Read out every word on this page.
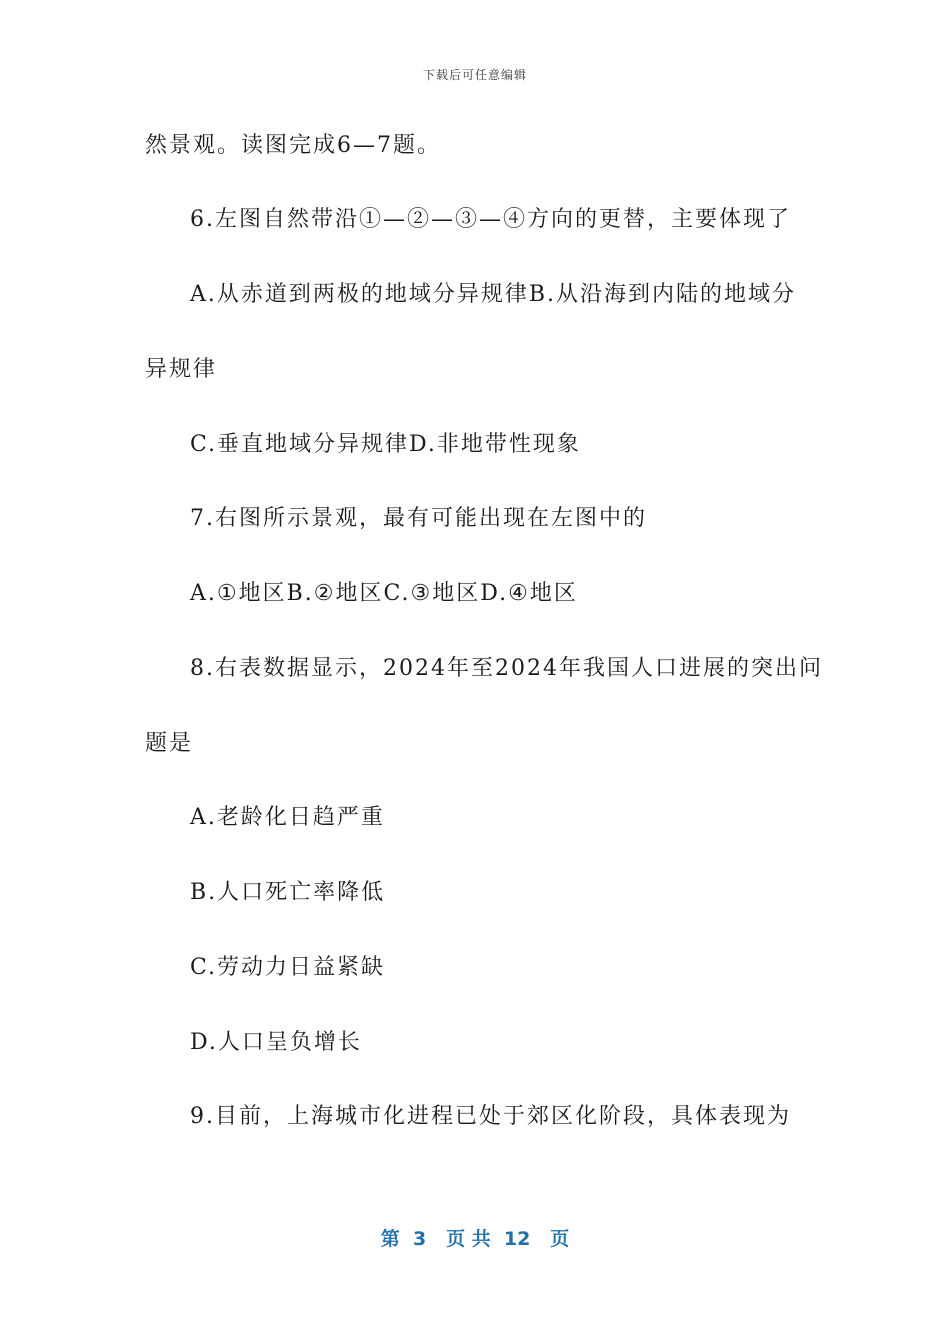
下载后可任意编辑
然景观。读图完成6—7题。
6.左图自然带沿①—②—③—④方向的更替，主要体现了
A.从赤道到两极的地域分异规律B.从沿海到内陆的地域分
异规律
C.垂直地域分异规律D.非地带性现象
7.右图所示景观，最有可能出现在左图中的
A.①地区B.②地区C.③地区D.④地区
8.右表数据显示，2024年至2024年我国人口进展的突出问
题是
A.老龄化日趋严重
B.人口死亡率降低
C.劳动力日益紧缺
D.人口呈负增长
9.目前，上海城市化进程已处于郊区化阶段，具体表现为
第  3   页 共  12   页
